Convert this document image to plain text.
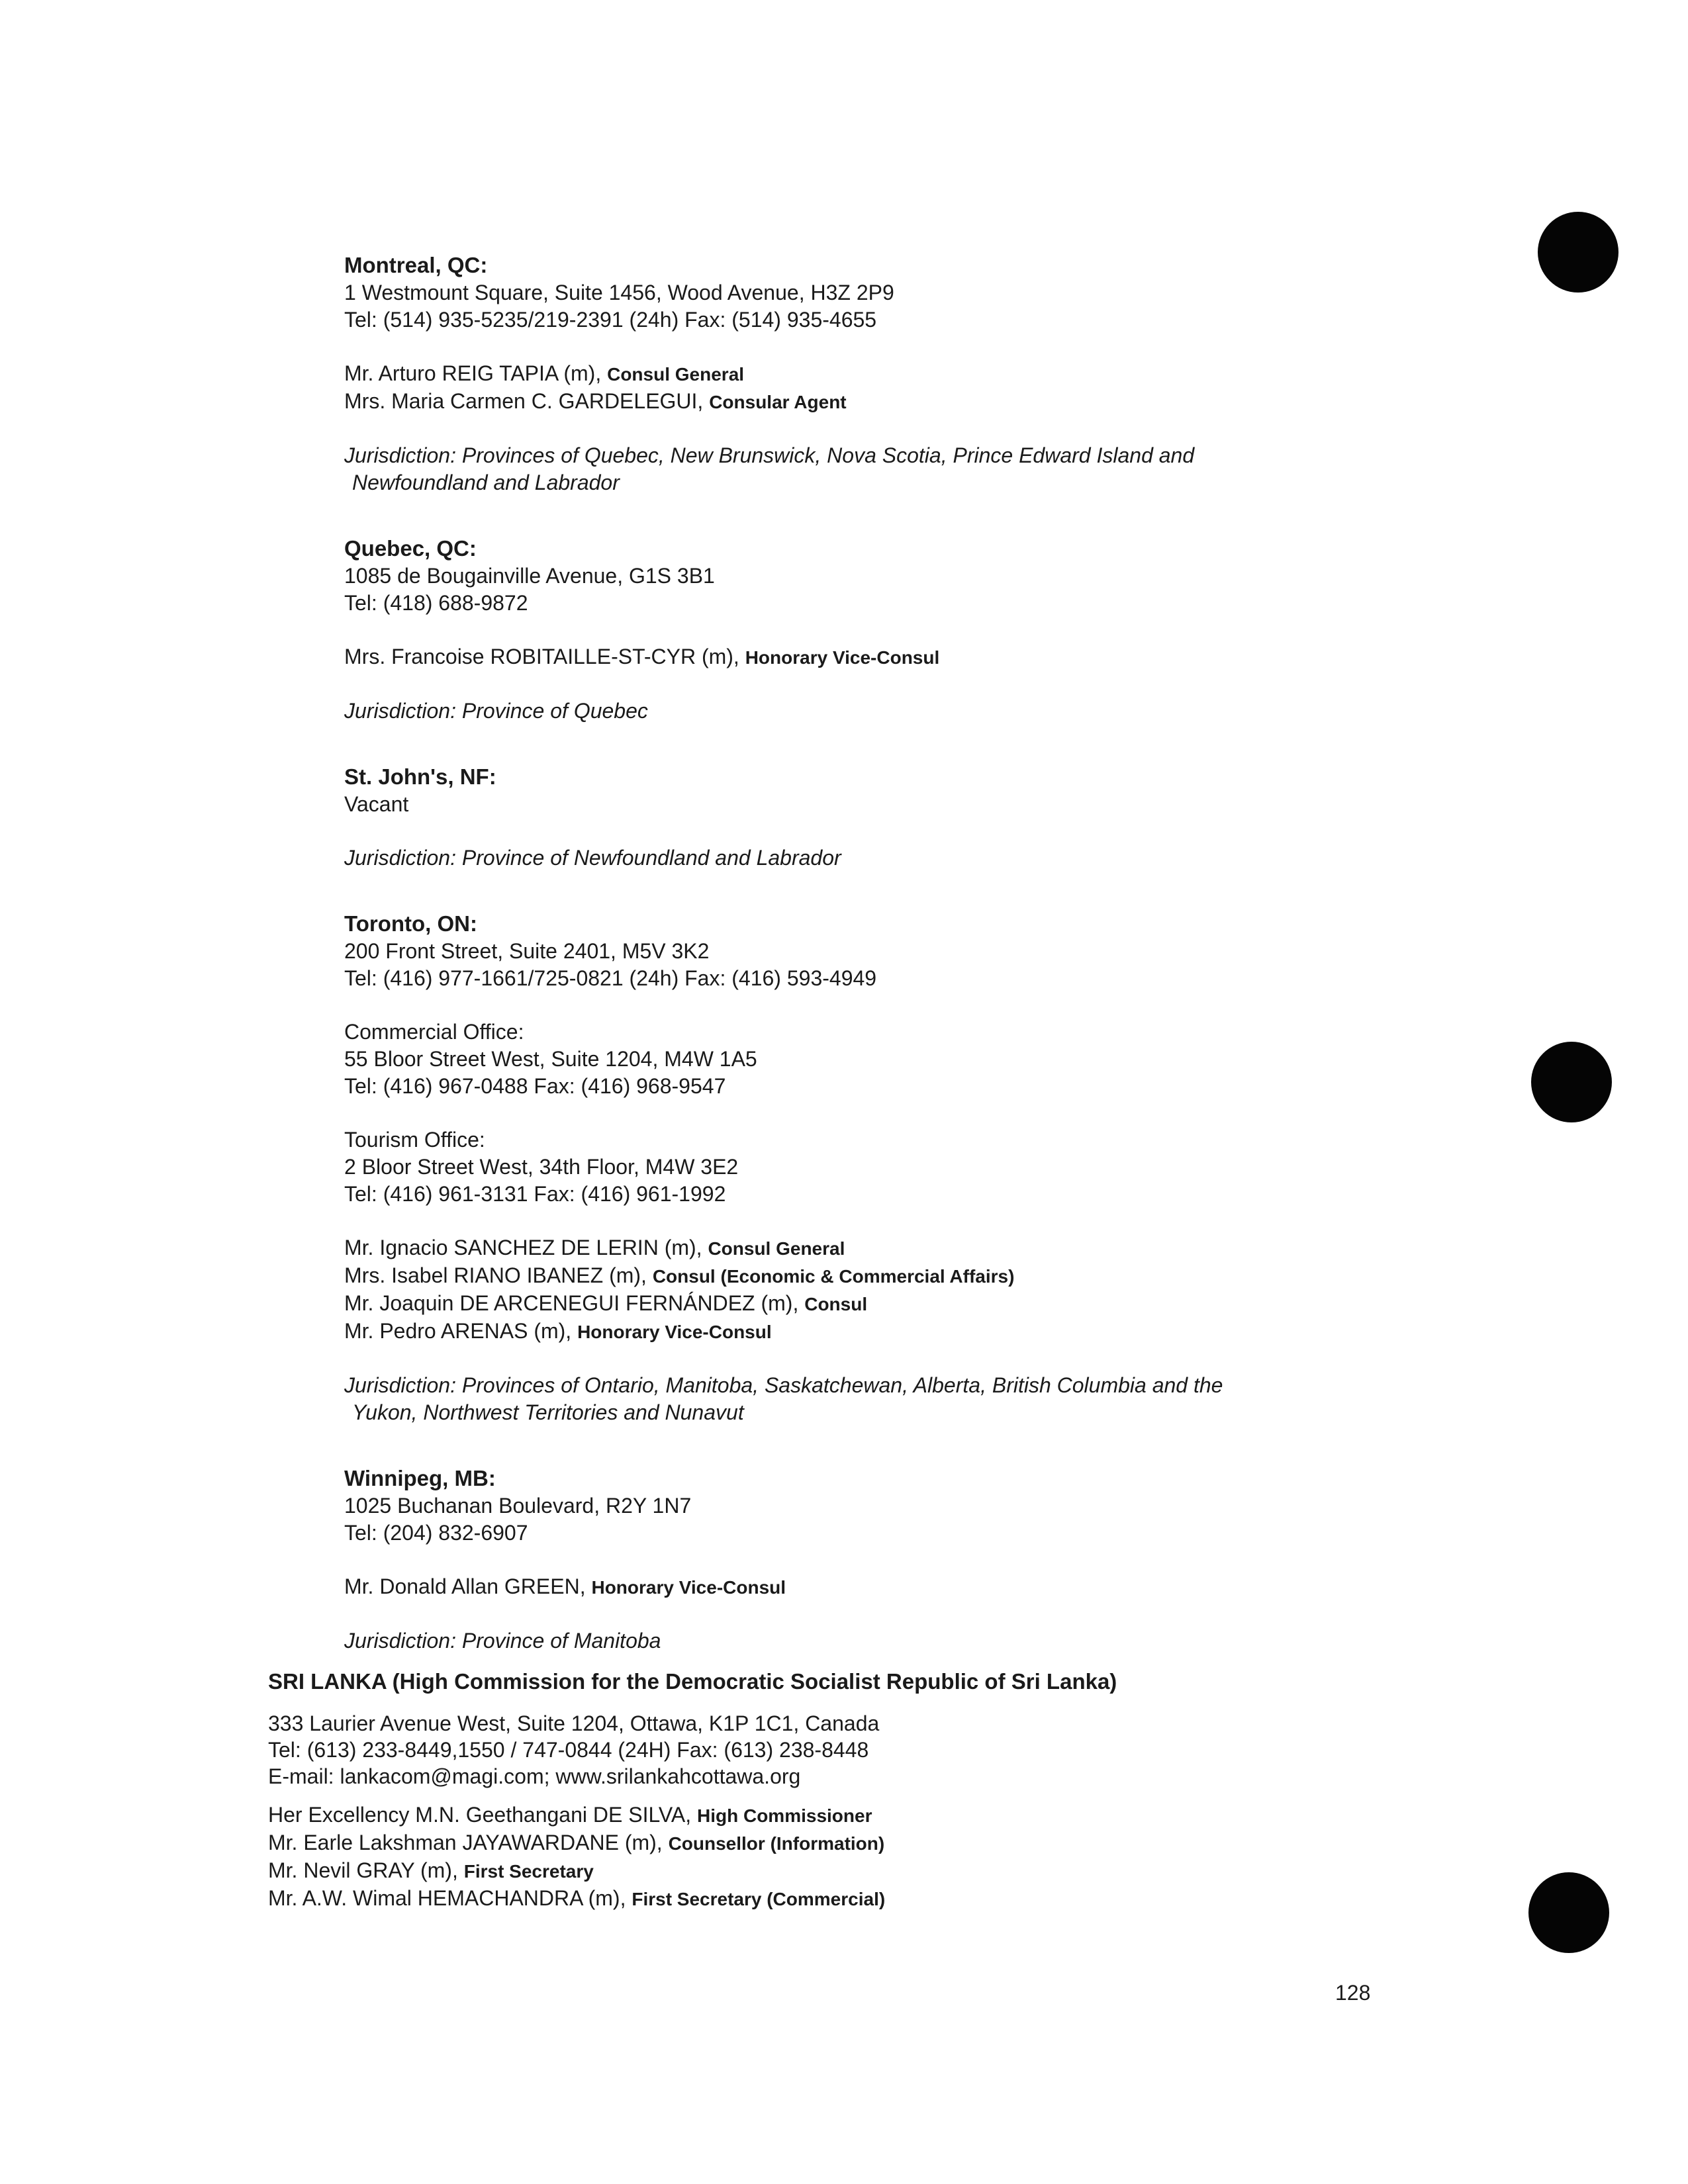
Montreal, QC:
1 Westmount Square, Suite 1456, Wood Avenue, H3Z 2P9
Tel: (514) 935-5235/219-2391 (24h) Fax: (514) 935-4655
Mr. Arturo REIG TAPIA (m), Consul General
Mrs. Maria Carmen C. GARDELEGUI, Consular Agent
Jurisdiction: Provinces of Quebec, New Brunswick, Nova Scotia, Prince Edward Island and
Newfoundland and Labrador
Quebec, QC:
1085 de Bougainville Avenue, G1S 3B1
Tel: (418) 688-9872
Mrs. Francoise ROBITAILLE-ST-CYR (m), Honorary Vice-Consul
Jurisdiction: Province of Quebec
St. John's, NF:
Vacant
Jurisdiction: Province of Newfoundland and Labrador
Toronto, ON:
200 Front Street, Suite 2401, M5V 3K2
Tel: (416) 977-1661/725-0821 (24h) Fax: (416) 593-4949
Commercial Office:
55 Bloor Street West, Suite 1204, M4W 1A5
Tel: (416) 967-0488 Fax: (416) 968-9547
Tourism Office:
2 Bloor Street West, 34th Floor, M4W 3E2
Tel: (416) 961-3131 Fax: (416) 961-1992
Mr. Ignacio SANCHEZ DE LERIN (m), Consul General
Mrs. Isabel RIANO IBANEZ (m), Consul (Economic & Commercial Affairs)
Mr. Joaquin DE ARCENEGUI FERNÁNDEZ (m), Consul
Mr. Pedro ARENAS (m), Honorary Vice-Consul
Jurisdiction: Provinces of Ontario, Manitoba, Saskatchewan, Alberta, British Columbia and the
Yukon, Northwest Territories and Nunavut
Winnipeg, MB:
1025 Buchanan Boulevard, R2Y 1N7
Tel: (204) 832-6907
Mr. Donald Allan GREEN, Honorary Vice-Consul
Jurisdiction: Province of Manitoba
SRI LANKA (High Commission for the Democratic Socialist Republic of Sri Lanka)
333 Laurier Avenue West, Suite 1204, Ottawa, K1P 1C1, Canada
Tel: (613) 233-8449,1550 / 747-0844 (24H) Fax: (613) 238-8448
E-mail: lankacom@magi.com; www.srilankahcottawa.org
Her Excellency M.N. Geethangani DE SILVA, High Commissioner
Mr. Earle Lakshman JAYAWARDANE (m), Counsellor (Information)
Mr. Nevil GRAY (m), First Secretary
Mr. A.W. Wimal HEMACHANDRA (m), First Secretary (Commercial)
128
